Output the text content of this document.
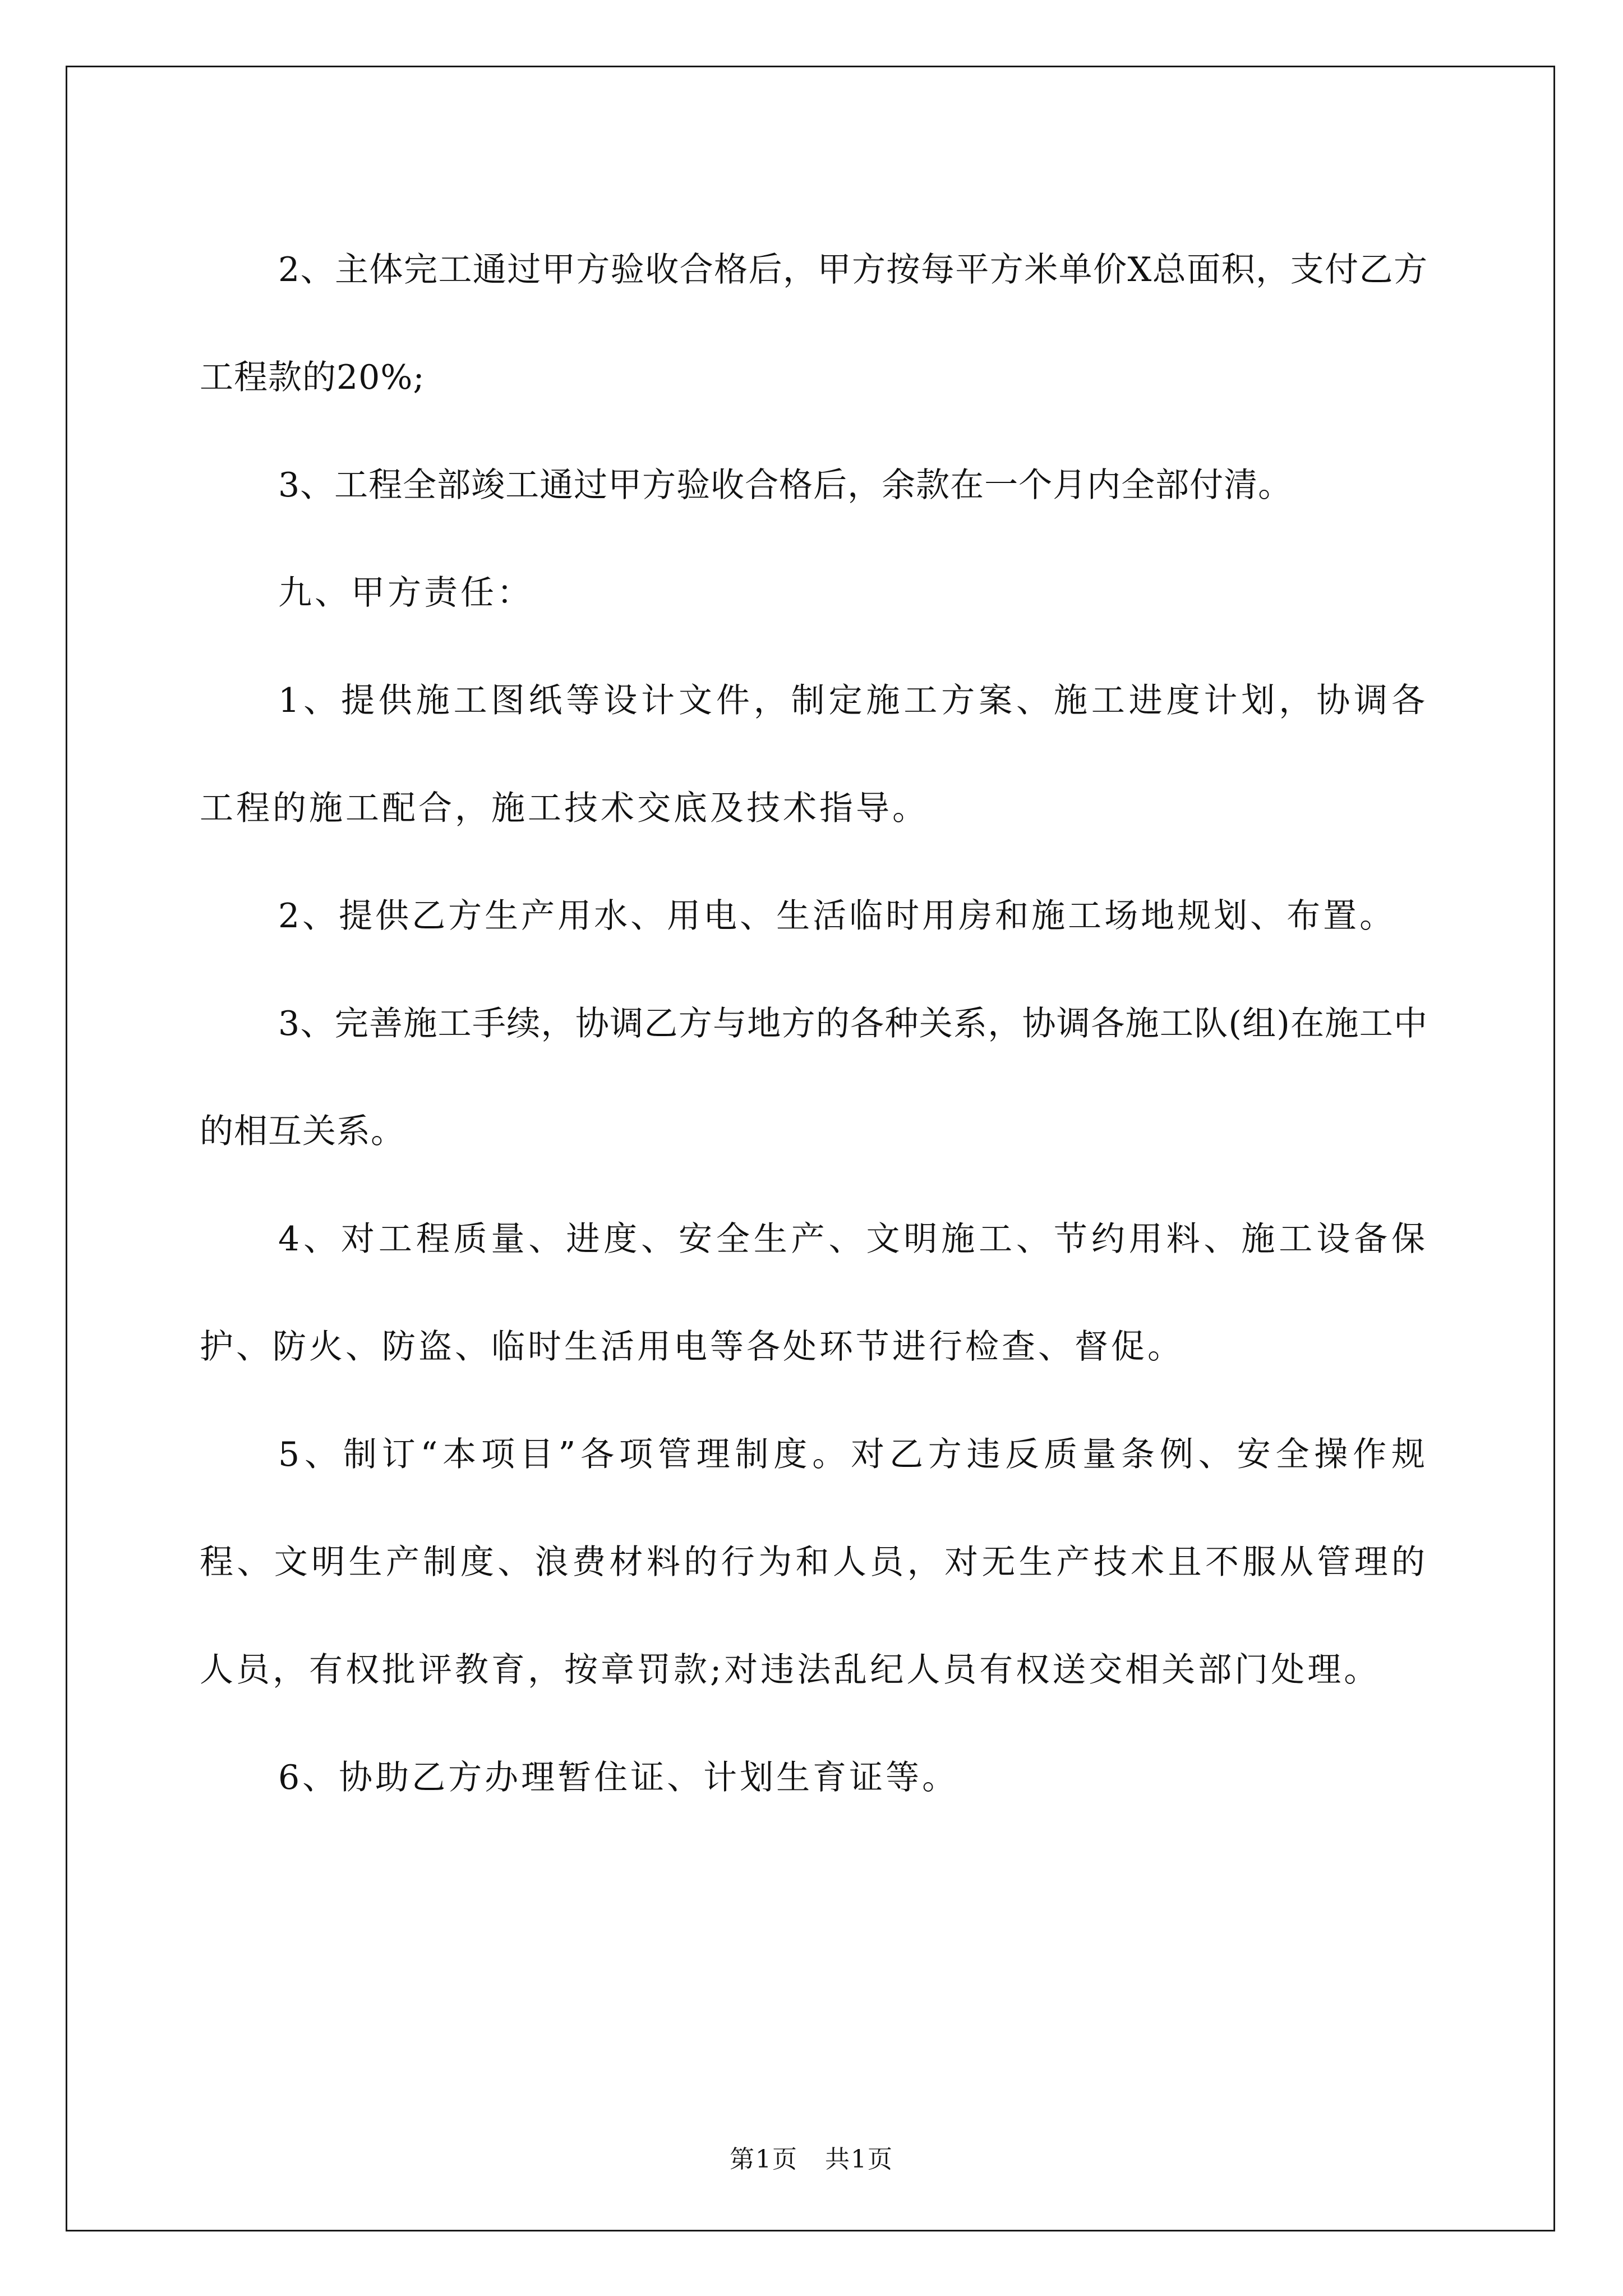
2、主体完工通过甲方验收合格后，甲方按每平方米单价X总面积，支付乙方工程款的20%;

3、工程全部竣工通过甲方验收合格后，余款在一个月内全部付清。

九、甲方责任：

1、提供施工图纸等设计文件，制定施工方案、施工进度计划，协调各工程的施工配合，施工技术交底及技术指导。

2、提供乙方生产用水、用电、生活临时用房和施工场地规划、布置。

3、完善施工手续，协调乙方与地方的各种关系，协调各施工队(组)在施工中的相互关系。

4、对工程质量、进度、安全生产、文明施工、节约用料、施工设备保护、防火、防盗、临时生活用电等各处环节进行检查、督促。

5、制订“本项目”各项管理制度。对乙方违反质量条例、安全操作规程、文明生产制度、浪费材料的行为和人员，对无生产技术且不服从管理的人员，有权批评教育，按章罚款;对违法乱纪人员有权送交相关部门处理。

6、协助乙方办理暂住证、计划生育证等。

第1页   共1页
